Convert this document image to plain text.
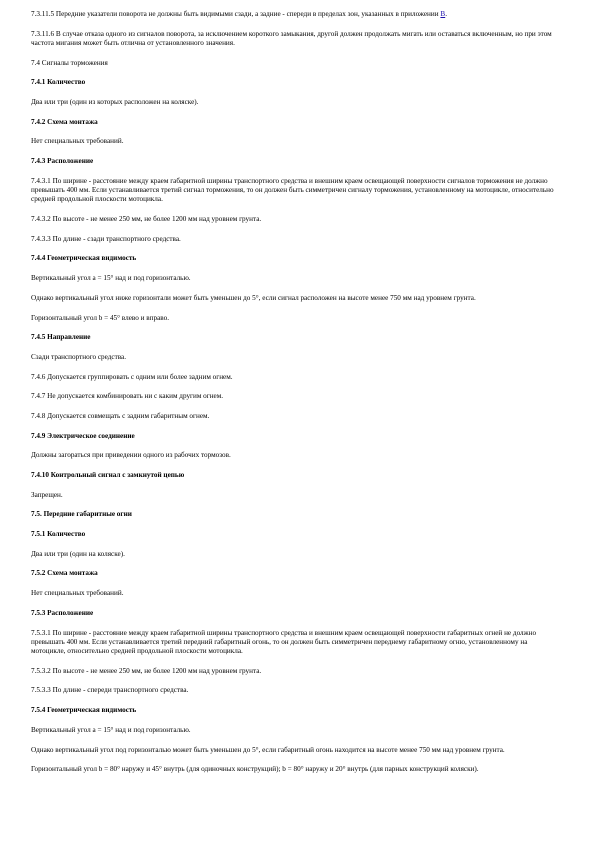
7.3.11.5 Передние указатели поворота не должны быть видимыми сзади, а задние - спереди в пределах зон, указанных в приложении В.

7.3.11.6 В случае отказа одного из сигналов поворота, за исключением короткого замыкания, другой должен продолжать мигать или оставаться включенным, но при этом частота мигания может быть отлична от установленного значения.

7.4 Сигналы торможения

7.4.1 Количество

Два или три (один из которых расположен на коляске).

7.4.2 Схема монтажа

Нет специальных требований.

7.4.3 Расположение

7.4.3.1 По ширине - расстояние между краем габаритной ширины транспортного средства и внешним краем освещающей поверхности сигналов торможения не должно превышать 400 мм. Если устанавливается третий сигнал торможения, то он должен быть симметричен сигналу торможения, установленному на мотоцикле, относительно средней продольной плоскости мотоцикла.

7.4.3.2 По высоте - не менее 250 мм, не более 1200 мм над уровнем грунта.

7.4.3.3 По длине - сзади транспортного средства.

7.4.4 Геометрическая видимость

Вертикальный угол а = 15° над и под горизонталью.

Однако вертикальный угол ниже горизонтали может быть уменьшен до 5°, если сигнал расположен на высоте менее 750 мм над уровнем грунта.

Горизонтальный угол b = 45° влево и вправо.

7.4.5 Направление

Сзади транспортного средства.

7.4.6 Допускается группировать с одним или более задним огнем.

7.4.7 Не допускается комбинировать ни с каким другим огнем.

7.4.8 Допускается совмещать с задним габаритным огнем.

7.4.9 Электрическое соединение

Должны загораться при приведении одного из рабочих тормозов.

7.4.10 Контрольный сигнал с замкнутой цепью

Запрещен.

7.5. Передние габаритные огни

7.5.1 Количество

Два или три (один на коляске).

7.5.2 Схема монтажа

Нет специальных требований.

7.5.3 Расположение

7.5.3.1 По ширине - расстояние между краем габаритной ширины транспортного средства и внешним краем освещающей поверхности габаритных огней не должно превышать 400 мм. Если устанавливается третий передний габаритный огонь, то он должен быть симметричен переднему габаритному огню, установленному на мотоцикле, относительно средней продольной плоскости мотоцикла.

7.5.3.2 По высоте - не менее 250 мм, не более 1200 мм над уровнем грунта.

7.5.3.3 По длине - спереди транспортного средства.

7.5.4 Геометрическая видимость

Вертикальный угол а = 15° над и под горизонталью.

Однако вертикальный угол под горизонталью может быть уменьшен до 5°, если габаритный огонь находится на высоте менее 750 мм над уровнем грунта.

Горизонтальный угол b = 80° наружу и 45° внутрь (для одиночных конструкций); b = 80° наружу и 20° внутрь (для парных конструкций коляски).
